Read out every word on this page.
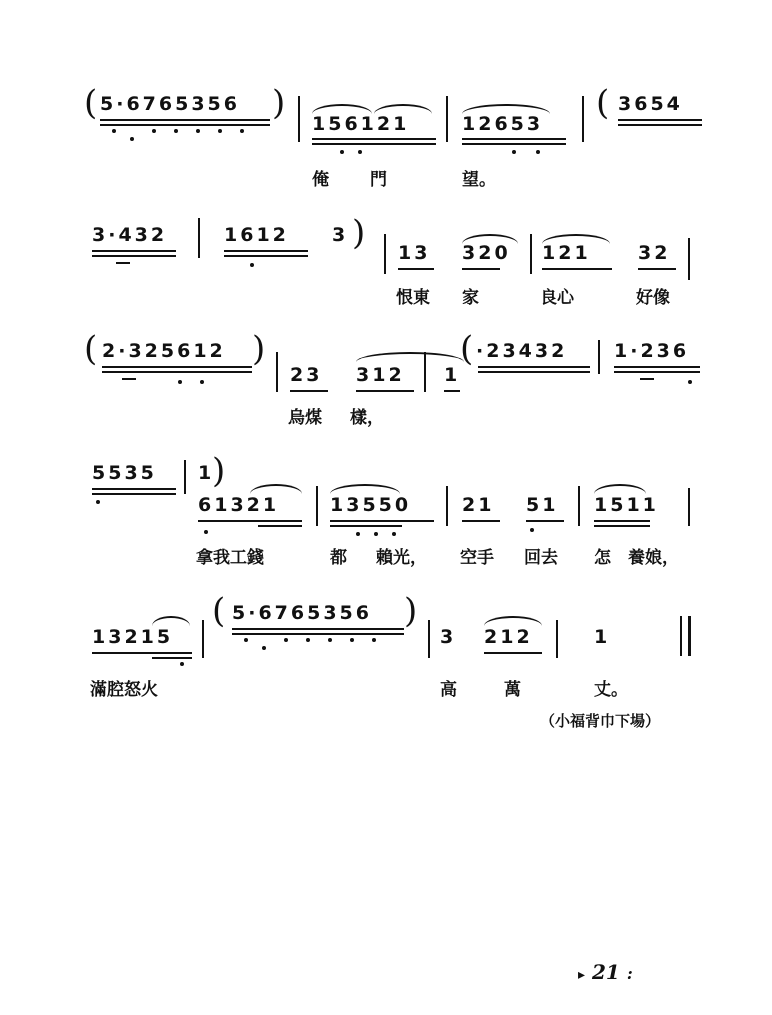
( 5·6765356 )
156121	12653
( 3654
俺 門	望。
3·432	1612 3 ) 13 320 121 32
恨東 家	良心	好像
( 2·325612 )
23 312 1
( ·23432 1·236
烏煤 樣，
5535 1
)
61321	13550	21 51 1511
拿我工錢	都 賴光， 空手 回去 怎 養娘，
13215
( 5·6765356 )
3 212	1
滿腔怒火	高	萬	丈。
（小福背巾下場）
▸ 21 :
